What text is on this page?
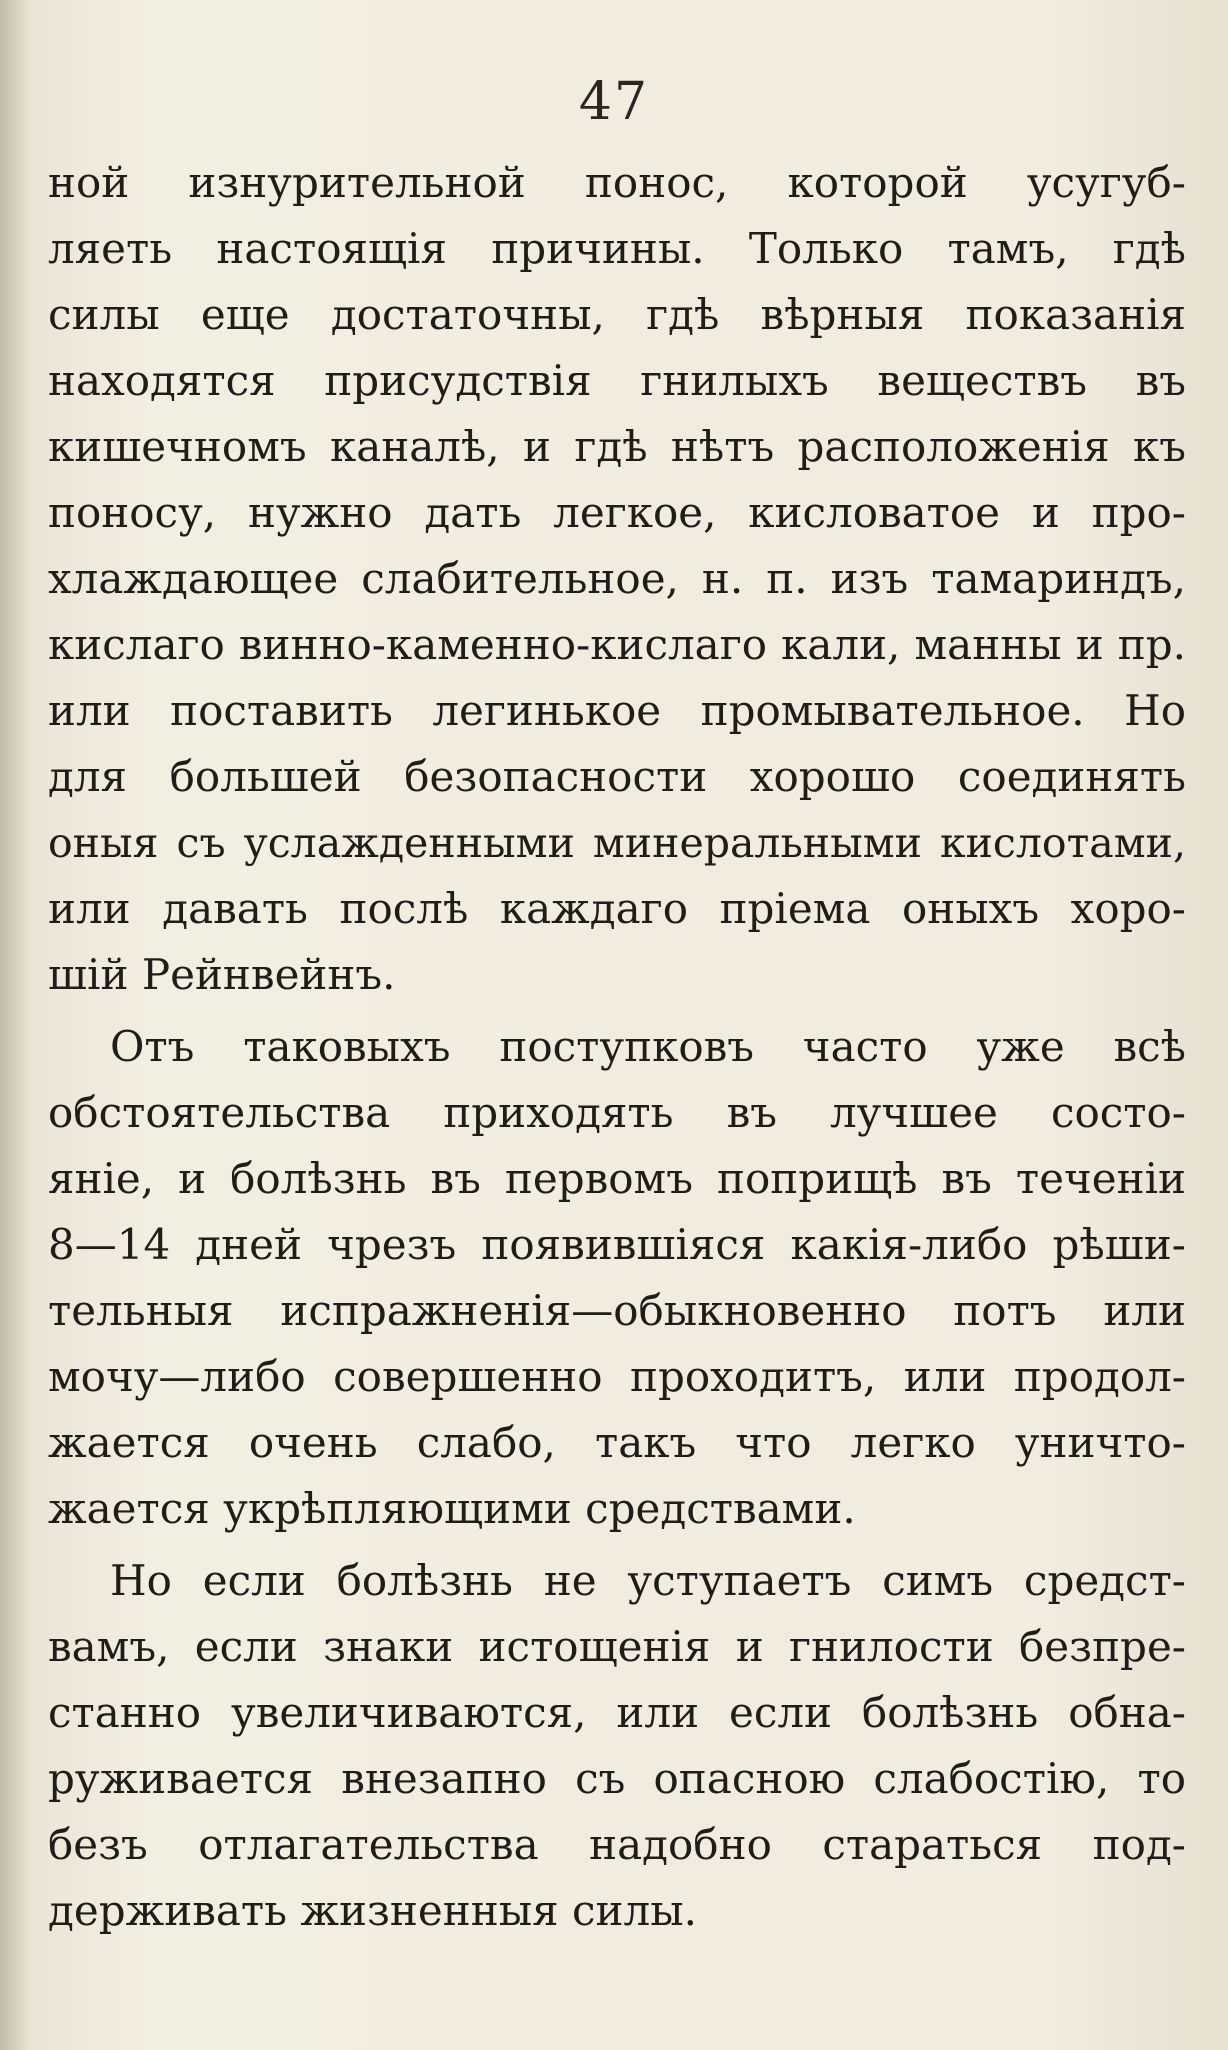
47
ной изнурительной понос, которой усугуб-
ляеть настоящія причины. Только тамъ, гдѣ
силы еще достаточны, гдѣ вѣрныя показанія
находятся присудствія гнилыхъ веществъ въ
кишечномъ каналѣ, и гдѣ нѣтъ расположенія къ
поносу, нужно дать легкое, кисловатое и про-
хлаждающее слабительное, н. п. изъ тамариндъ,
кислаго винно-каменно-кислаго кали, манны и пр.
или поставить легинькое промывательное. Но
для большей безопасности хорошо соединять
оныя съ услажденными минеральными кислотами,
или давать послѣ каждаго пріема оныхъ хоро-
шій Рейнвейнъ.
Отъ таковыхъ поступковъ часто уже всѣ
обстоятельства приходять въ лучшее состо-
яніе, и болѣзнь въ первомъ поприщѣ въ теченіи
8—14 дней чрезъ появившіяся какія-либо рѣши-
тельныя испражненія—обыкновенно потъ или
мочу—либо совершенно проходитъ, или продол-
жается очень слабо, такъ что легко уничто-
жается укрѣпляющими средствами.
Но если болѣзнь не уступаетъ симъ средст-
вамъ, если знаки истощенія и гнилости безпре-
станно увеличиваются, или если болѣзнь обна-
руживается внезапно съ опасною слабостію, то
безъ отлагательства надобно стараться под-
держивать жизненныя силы.
